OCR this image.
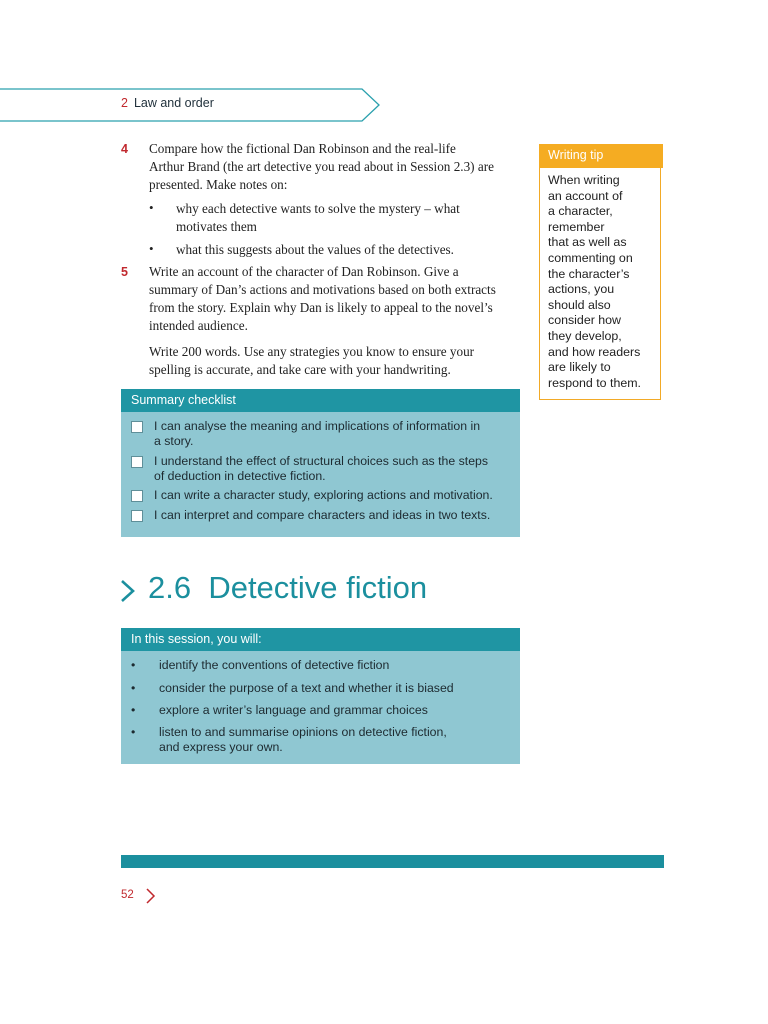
2 Law and order
4 Compare how the fictional Dan Robinson and the real-life
Arthur Brand (the art detective you read about in Session 2.3) are
presented. Make notes on:
• why each detective wants to solve the mystery – what
motivates them
• what this suggests about the values of the detectives.
5 Write an account of the character of Dan Robinson. Give a
summary of Dan’s actions and motivations based on both extracts
from the story. Explain why Dan is likely to appeal to the novel’s
intended audience.
Write 200 words. Use any strategies you know to ensure your
spelling is accurate, and take care with your handwriting.
Writing tip
When writing
an account of
a character,
remember
that as well as
commenting on
the character’s
actions, you
should also
consider how
they develop,
and how readers
are likely to
respond to them.
Summary checklist
I can analyse the meaning and implications of information in
a story.
I understand the effect of structural choices such as the steps
of deduction in detective fiction.
I can write a character study, exploring actions and motivation.
I can interpret and compare characters and ideas in two texts.
2.6  Detective fiction
In this session, you will:
• identify the conventions of detective fiction
• consider the purpose of a text and whether it is biased
• explore a writer’s language and grammar choices
• listen to and summarise opinions on detective fiction,
and express your own.
52
